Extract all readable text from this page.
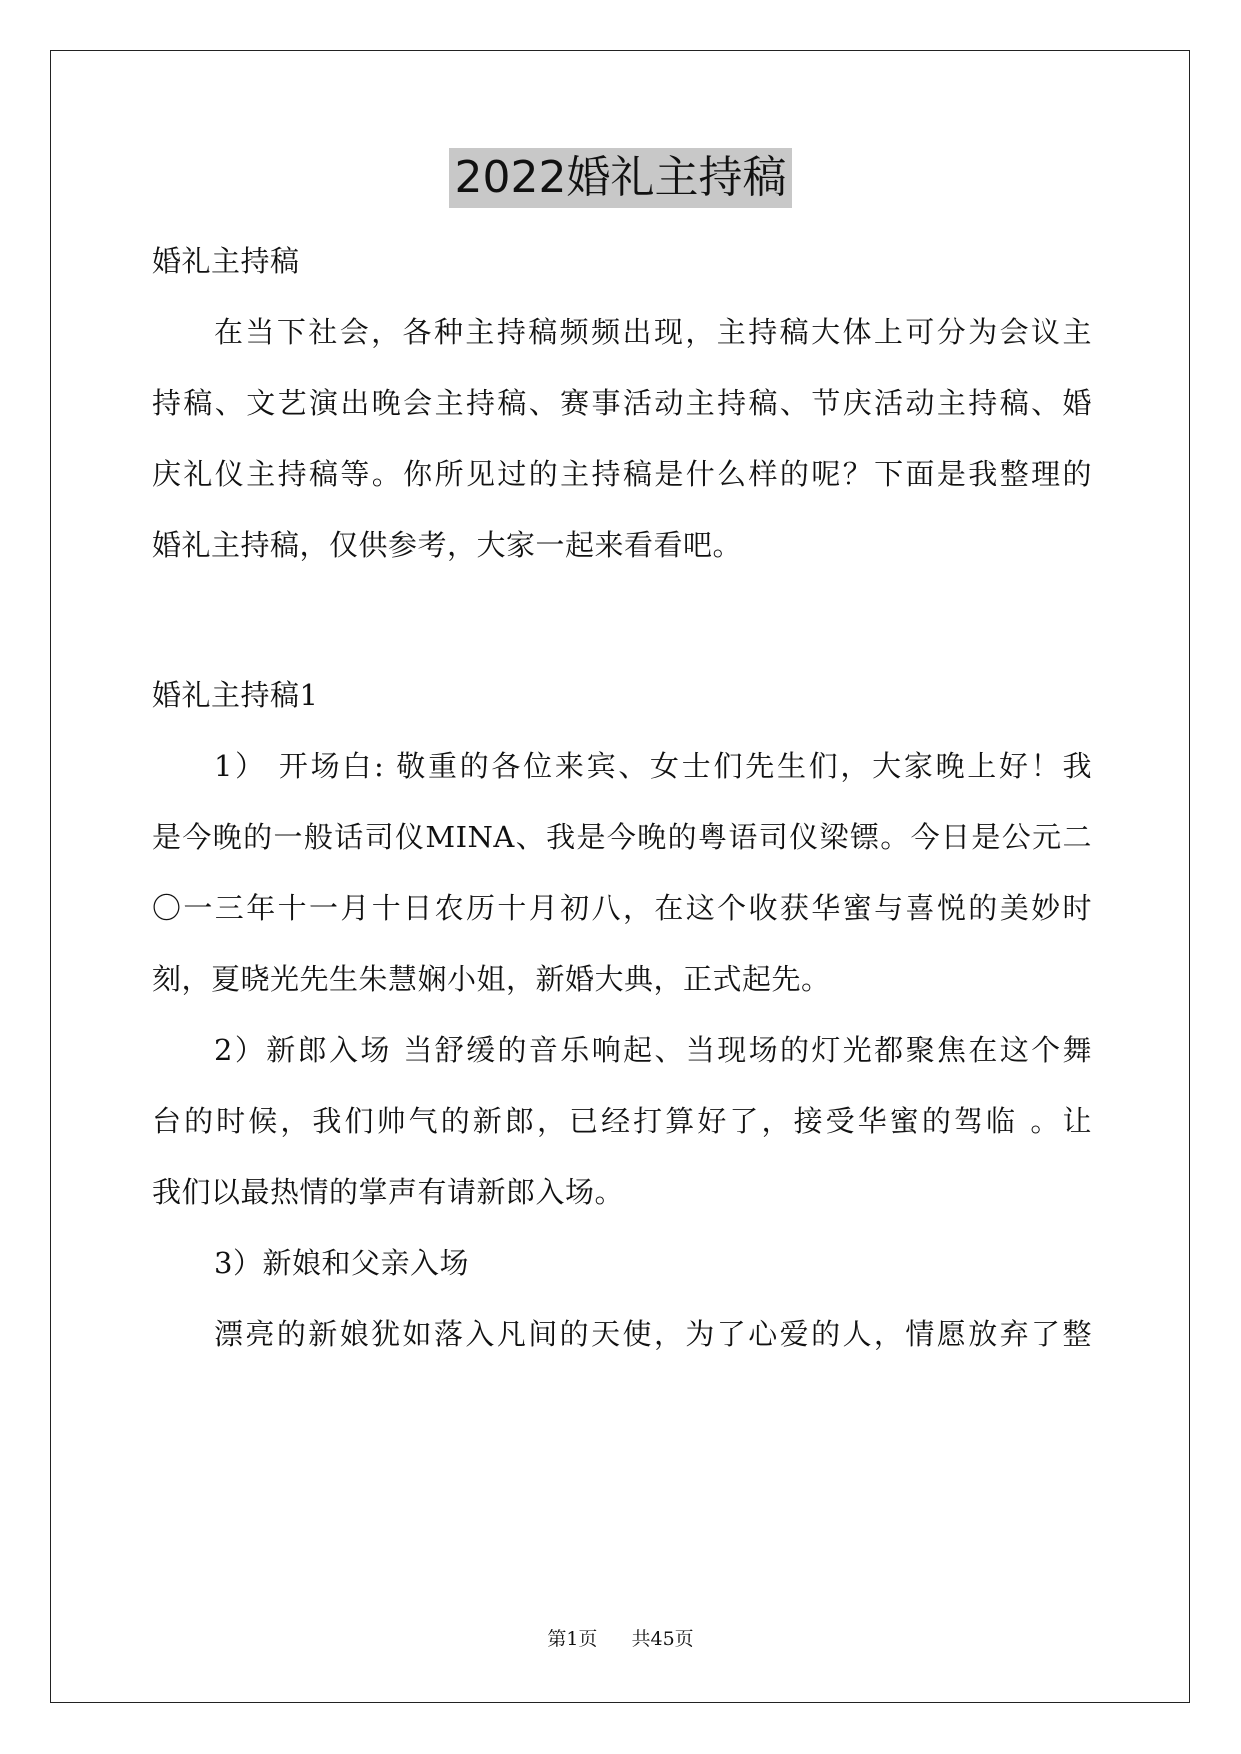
2022婚礼主持稿
婚礼主持稿
在当下社会，各种主持稿频频出现，主持稿大体上可分为会议主
持稿、文艺演出晚会主持稿、赛事活动主持稿、节庆活动主持稿、婚
庆礼仪主持稿等。你所见过的主持稿是什么样的呢？下面是我整理的
婚礼主持稿，仅供参考，大家一起来看看吧。
婚礼主持稿1
1） 开场白: 敬重的各位来宾、女士们先生们，大家晚上好！我
是今晚的一般话司仪MINA、我是今晚的粤语司仪梁镖。今日是公元二
〇一三年十一月十日农历十月初八，在这个收获华蜜与喜悦的美妙时
刻，夏晓光先生朱慧娴小姐，新婚大典，正式起先。
2）新郎入场 当舒缓的音乐响起、当现场的灯光都聚焦在这个舞
台的时候，我们帅气的新郎，已经打算好了，接受华蜜的驾临 。让
我们以最热情的掌声有请新郎入场。
3）新娘和父亲入场
漂亮的新娘犹如落入凡间的天使，为了心爱的人，情愿放弃了整
第1页 共45页
